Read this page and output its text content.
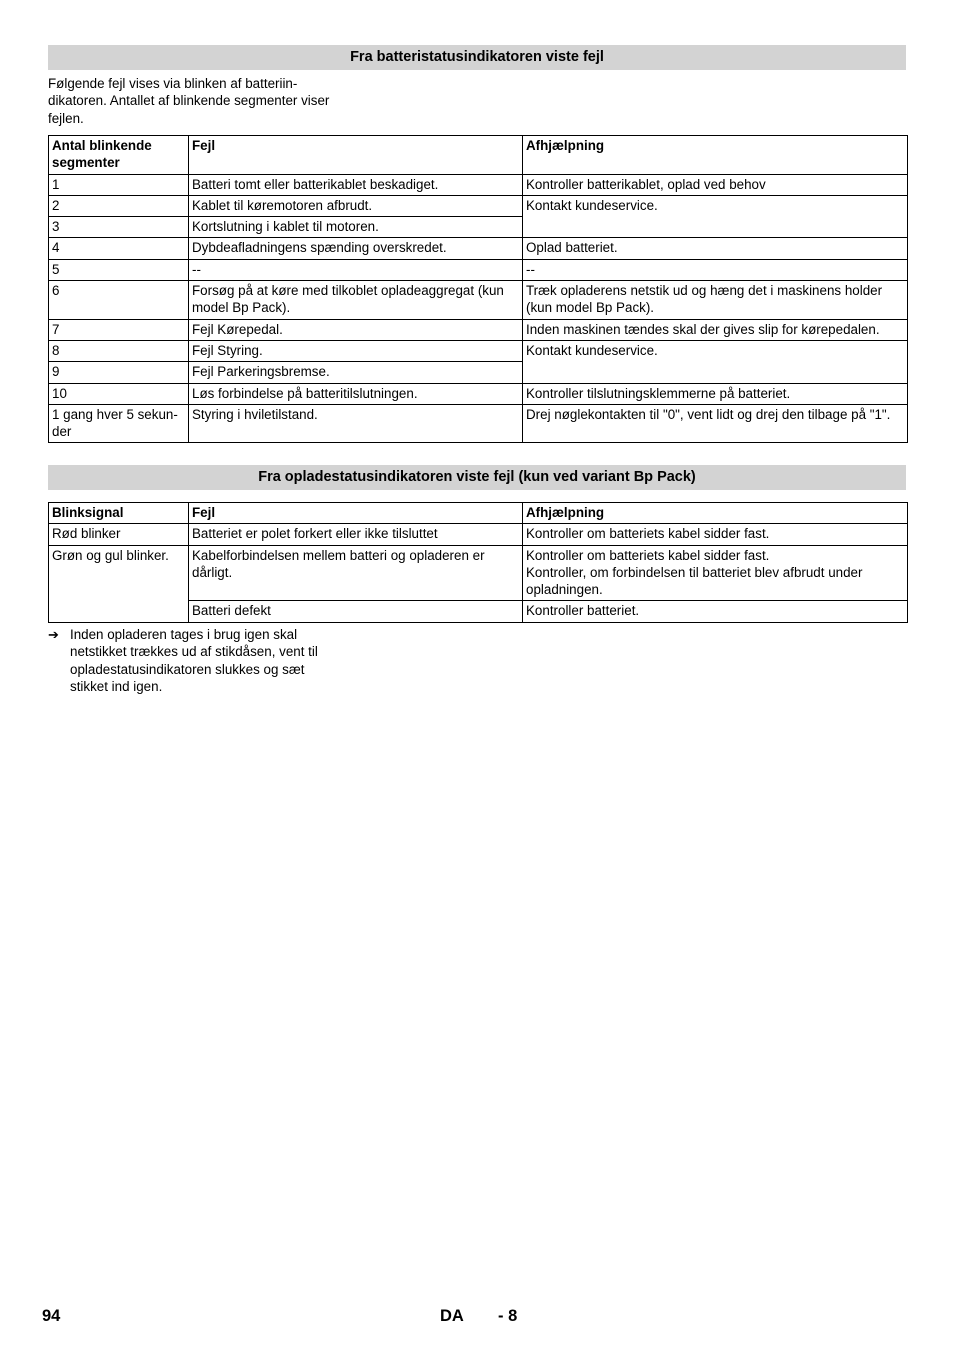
Fra batteristatusindikatoren viste fejl
Følgende fejl vises via blinken af batteriin-dikatoren. Antallet af blinkende segmenter viser fejlen.
Antal blinkende segmenter	Fejl	Afhjælpning
1	Batteri tomt eller batterikablet beskadiget.	Kontroller batterikablet, oplad ved behov
2	Kablet til køremotoren afbrudt.	Kontakt kundeservice.
3	Kortslutning i kablet til motoren.	
4	Dybdeafladningens spænding overskredet.	Oplad batteriet.
5	--	--
6	Forsøg på at køre med tilkoblet opladeaggregat (kun model Bp Pack).	Træk opladerens netstik ud og hæng det i maskinens holder (kun model Bp Pack).
7	Fejl Kørepedal.	Inden maskinen tændes skal der gives slip for kørepedalen.
8	Fejl Styring.	Kontakt kundeservice.
9	Fejl Parkeringsbremse.	
10	Løs forbindelse på batteritilslutningen.	Kontroller tilslutningsklemmerne på batteriet.
1 gang hver 5 sekun-der	Styring i hviletilstand.	Drej nøglekontakten til "0", vent lidt og drej den tilbage på "1".
Fra opladestatusindikatoren viste fejl (kun ved variant Bp Pack)
Blinksignal	Fejl	Afhjælpning
Rød blinker	Batteriet er polet forkert eller ikke tilsluttet	Kontroller om batteriets kabel sidder fast.
Grøn og gul blinker.	Kabelforbindelsen mellem batteri og opladeren er dårligt.	Kontroller om batteriets kabel sidder fast.
Kontroller, om forbindelsen til batteriet blev afbrudt under opladningen.

	Batteri defekt	Kontroller batteriet.
➔ Inden opladeren tages i brug igen skal netstikket trækkes ud af stikdåsen, vent til opladestatusindikatoren slukkes og sæt stikket ind igen.
94	DA - 8
